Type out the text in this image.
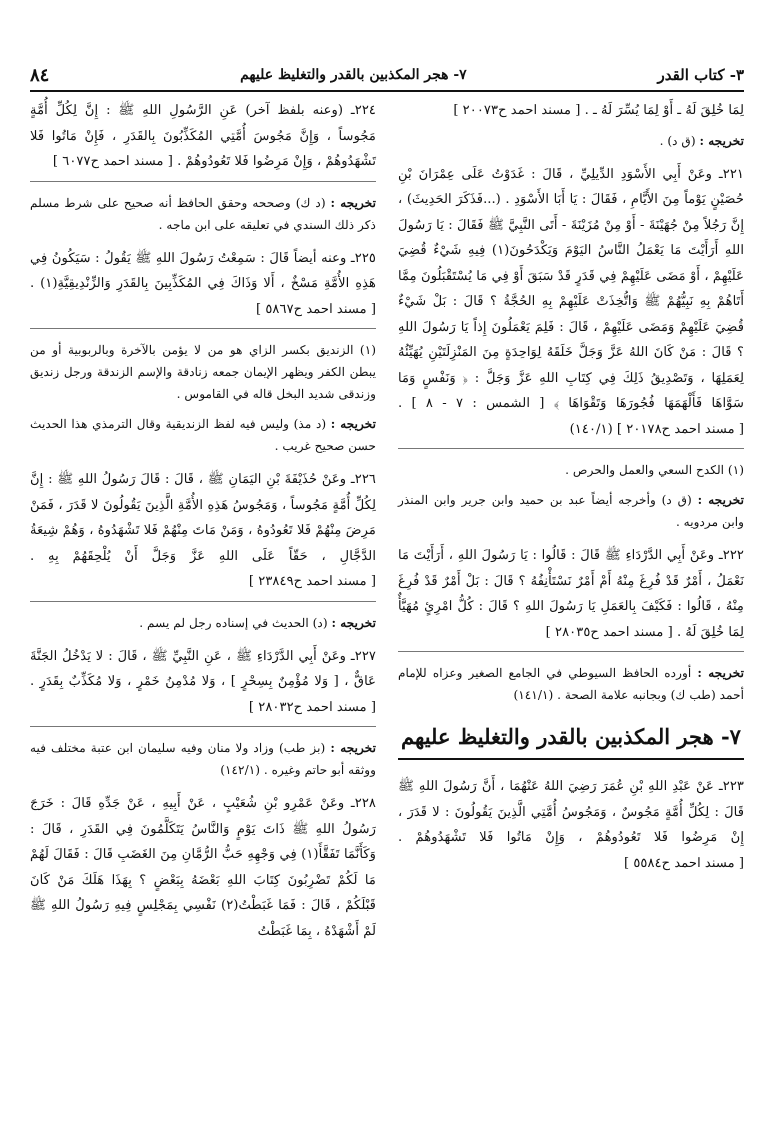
٣- كتاب القدر
٧- هجر المكذبين بالقدر والتغليظ عليهم
٨٤

لِمَا خُلِقَ لَهُ ـ أَوْ لِمَا يُسِّرَ لَهُ ـ . [ مسند احمد ح٢٠٠٧٣ ]

تخريجه : (ق د) .

٢٢١ـ وعَنْ أَبِي الأَسْوَدِ الدِّيلِيِّ ، قَالَ : غَدَوْتُ عَلَى عِمْرَانَ بْنِ حُصَيْنٍ يَوْماً مِنَ الأَيَّامِ ، فَقَالَ : يَا أَبَا الأَسْوَدِ . (...فَذَكَرَ الحَدِيثَ) ، إِنَّ رَجُلاً مِنْ جُهَيْنَةَ - أَوْ مِنْ مُزَيْنَةَ - أَتَى النَّبِيَّ ﷺ فَقَالَ : يَا رَسُولَ اللهِ أَرَأَيْتَ مَا يَعْمَلُ النَّاسُ اليَوْمَ وَيَكْدَحُونَ(١) فِيهِ شَيْءٌ قُضِيَ عَلَيْهِمْ ، أَوْ مَضَى عَلَيْهِمْ فِي قَدَرٍ قَدْ سَبَقَ أَوْ فِي مَا يُسْتَقْبَلُونَ مِمَّا أَتَاهُمْ بِهِ نَبِيُّهُمْ ﷺ وَاتُّخِذَتْ عَلَيْهِمْ بِهِ الحُجَّةُ ؟ قَالَ : بَلْ شَيْءٌ قُضِيَ عَلَيْهِمْ وَمَضَى عَلَيْهِمْ ، قَالَ : فَلِمَ يَعْمَلُونَ إِذاً يَا رَسُولَ اللهِ ؟ قَالَ : مَنْ كَانَ اللهُ عَزَّ وَجَلَّ خَلَقَهُ لِوَاحِدَةٍ مِنَ المَنْزِلَتَيْنِ يُهَيِّئُهُ لِعَمَلِهَا ، وَتَصْدِيقُ ذَلِكَ فِي كِتَابِ اللهِ عَزَّ وَجَلَّ : ﴿ وَنَفْسٍ وَمَا سَوَّاهَا فَأَلْهَمَهَا فُجُورَهَا وَتَقْوَاهَا ﴾ [ الشمس : ٧ - ٨ ] . [ مسند احمد ح٢٠١٧٨ ] (١٤٠/١)

(١) الكدح السعي والعمل والحرص .

تخريجه : (ق د) وأخرجه أيضاً عبد بن حميد وابن جرير وابن المنذر وابن مردويه .

٢٢٢ـ وعَنْ أَبِي الدَّرْدَاءِ ﷺ قَالَ : قَالُوا : يَا رَسُولَ اللهِ ، أَرَأَيْتَ مَا نَعْمَلُ ، أَمْرٌ قَدْ فُرِغَ مِنْهُ أَمْ أَمْرٌ نَسْتَأْنِفُهُ ؟ قَالَ : بَلْ أَمْرٌ قَدْ فُرِغَ مِنْهُ ، قَالُوا : فَكَيْفَ بِالعَمَلِ يَا رَسُولَ اللهِ ؟ قَالَ : كُلُّ امْرِئٍ مُهَيَّأٌ لِمَا خُلِقَ لَهُ . [ مسند احمد ح٢٨٠٣٥ ]

تخريجه : أورده الحافظ السيوطي في الجامع الصغير وعزاه للإمام أحمد (طب ك) وبجانبه علامة الصحة . (١٤١/١)

٧- هجر المكذبين بالقدر والتغليظ عليهم

٢٢٣ـ عَنْ عَبْدِ اللهِ بْنِ عُمَرَ رَضِيَ اللهُ عَنْهُمَا ، أَنَّ رَسُولَ اللهِ ﷺ قَالَ : لِكُلِّ أُمَّةٍ مَجُوسٌ ، وَمَجُوسُ أُمَّتِي الَّذِينَ يَقُولُونَ : لا قَدَرَ ، إِنْ مَرِضُوا فَلا تَعُودُوهُمْ ، وَإِنْ مَاتُوا فَلا تَشْهَدُوهُمْ . [ مسند احمد ح٥٥٨٤ ]

٢٢٤ـ (وعنه بلفظ آخر) عَنِ الرَّسُولِ اللهِ ﷺ : إِنَّ لِكُلِّ أُمَّةٍ مَجُوساً ، وَإِنَّ مَجُوسَ أُمَّتِي المُكَذِّبُونَ بِالقَدَرِ ، فَإِنْ مَاتُوا فَلا تَشْهَدُوهُمْ ، وَإِنْ مَرِضُوا فَلا تَعُودُوهُمْ . [ مسند احمد ح٦٠٧٧ ]

تخريجه : (د ك) وصححه وحقق الحافظ أنه صحيح على شرط مسلم ذكر ذلك السندي في تعليقه على ابن ماجه .

٢٢٥ـ وعنه أيضاً قَالَ : سَمِعْتُ رَسُولَ اللهِ ﷺ يَقُولُ : سَيَكُونُ فِي هَذِهِ الأُمَّةِ مَسْخٌ ، أَلا وَذَاكَ فِي المُكَذِّبِينَ بِالقَدَرِ وَالزِّنْدِيقِيَّةِ(١) . [ مسند احمد ح٥٨٦٧ ]

(١) الزنديق بكسر الزاي هو من لا يؤمن بالآخرة وبالربوبية أو من يبطن الكفر ويظهر الإيمان جمعه زنادقة والإسم الزندقة ورجل زنديق وزندقى شديد البخل قاله في القاموس .

تخريجه : (د مذ) وليس فيه لفظ الزنديقية وقال الترمذي هذا الحديث حسن صحيح غريب .

٢٢٦ـ وعَنْ حُذَيْفَةَ بْنِ اليَمَانِ ﷺ ، قَالَ : قَالَ رَسُولُ اللهِ ﷺ : إِنَّ لِكُلِّ أُمَّةٍ مَجُوساً ، وَمَجُوسُ هَذِهِ الأُمَّةِ الَّذِينَ يَقُولُونَ لا قَدَرَ ، فَمَنْ مَرِضَ مِنْهُمْ فَلا تَعُودُوهُ ، وَمَنْ مَاتَ مِنْهُمْ فَلا تَشْهَدُوهُ ، وَهُمْ شِيعَةُ الدَّجَّالِ ، حَقّاً عَلَى اللهِ عَزَّ وَجَلَّ أَنْ يُلْحِقَهُمْ بِهِ . [ مسند احمد ح٢٣٨٤٩ ]

تخريجه : (د) الحديث في إسناده رجل لم يسم .

٢٢٧ـ وعَنْ أَبِي الدَّرْدَاءِ ﷺ ، عَنِ النَّبِيِّ ﷺ ، قَالَ : لا يَدْخُلُ الجَنَّةَ عَاقٌّ ، [ وَلا مُؤْمِنٌ بِسِحْرٍ ] ، وَلا مُدْمِنُ خَمْرٍ ، وَلا مُكَذِّبٌ بِقَدَرٍ . [ مسند احمد ح٢٨٠٣٢ ]

تخريجه : (بز طب) وزاد ولا منان وفيه سليمان ابن عتبة مختلف فيه ووثقه أبو حاتم وغيره . (١٤٢/١)

٢٢٨ـ وعَنْ عَمْرِو بْنِ شُعَيْبٍ ، عَنْ أَبِيهِ ، عَنْ جَدِّهِ قَالَ : خَرَجَ رَسُولُ اللهِ ﷺ ذَاتَ يَوْمٍ وَالنَّاسُ يَتَكَلَّمُونَ فِي القَدَرِ ، قَالَ : وَكَأَنَّمَا تَفَقَّأَ(١) فِي وَجْهِهِ حَبُّ الرُّمَّانِ مِنَ الغَضَبِ قَالَ : فَقَالَ لَهُمْ مَا لَكُمْ تَضْرِبُونَ كِتَابَ اللهِ بَعْضَهُ بِبَعْضٍ ؟ بِهَذَا هَلَكَ مَنْ كَانَ قَبْلَكُمْ ، قَالَ : فَمَا غَبَطْتُ(٢) نَفْسِي بِمَجْلِسٍ فِيهِ رَسُولُ اللهِ ﷺ لَمْ أَشْهَدْهُ ، بِمَا غَبَطْتُ
